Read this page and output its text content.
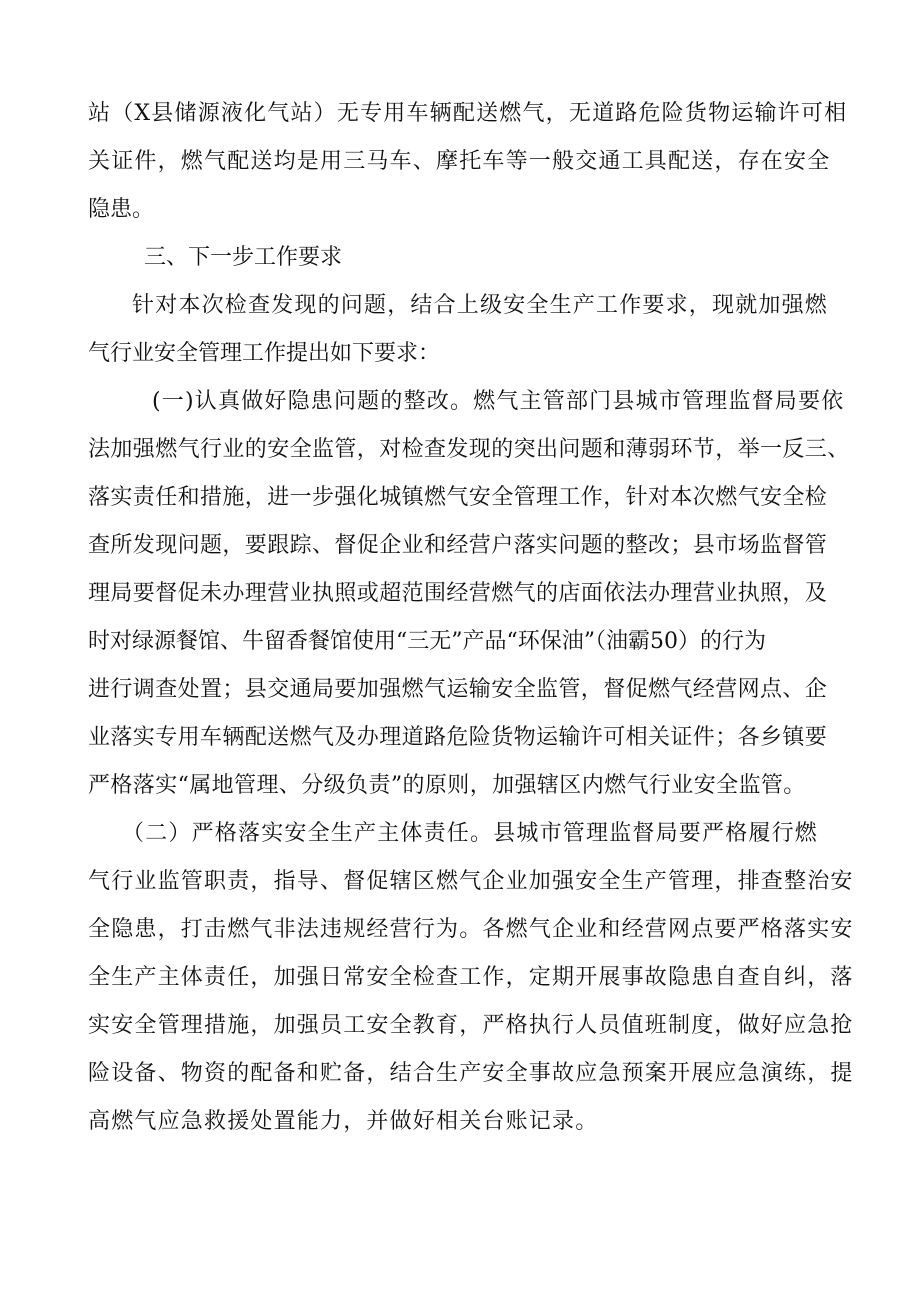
站（X县储源液化气站）无专用车辆配送燃气，无道路危险货物运输许可相
关证件，燃气配送均是用三马车、摩托车等一般交通工具配送，存在安全
隐患。
三、下一步工作要求
针对本次检查发现的问题，结合上级安全生产工作要求，现就加强燃
气行业安全管理工作提出如下要求：
(一)认真做好隐患问题的整改。燃气主管部门县城市管理监督局要依
法加强燃气行业的安全监管，对检查发现的突出问题和薄弱环节，举一反三、
落实责任和措施，进一步强化城镇燃气安全管理工作，针对本次燃气安全检
查所发现问题，要跟踪、督促企业和经营户落实问题的整改；县市场监督管
理局要督促未办理营业执照或超范围经营燃气的店面依法办理营业执照，及
时对绿源餐馆、牛留香餐馆使用“三无”产品“环保油”（油霸50）的行为
进行调查处置；县交通局要加强燃气运输安全监管，督促燃气经营网点、企
业落实专用车辆配送燃气及办理道路危险货物运输许可相关证件；各乡镇要
严格落实“属地管理、分级负责”的原则，加强辖区内燃气行业安全监管。
（二）严格落实安全生产主体责任。县城市管理监督局要严格履行燃
气行业监管职责，指导、督促辖区燃气企业加强安全生产管理，排查整治安
全隐患，打击燃气非法违规经营行为。各燃气企业和经营网点要严格落实安
全生产主体责任，加强日常安全检查工作，定期开展事故隐患自查自纠，落
实安全管理措施，加强员工安全教育，严格执行人员值班制度，做好应急抢
险设备、物资的配备和贮备，结合生产安全事故应急预案开展应急演练，提
高燃气应急救援处置能力，并做好相关台账记录。
